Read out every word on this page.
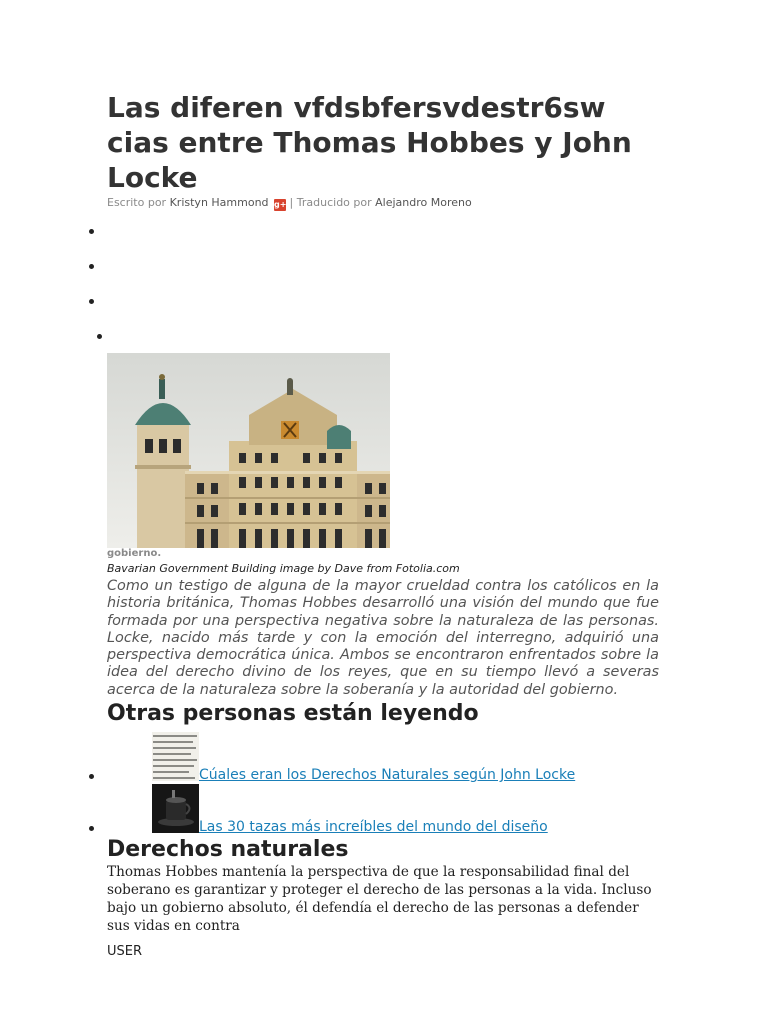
Las diferen vfdsbfersvdestr6sw cias entre Thomas Hobbes y John Locke
Escrito por Kristyn Hammond g+ | Traducido por Alejandro Moreno
gobierno.
Bavarian Government Building image by Dave from Fotolia.com

Como un testigo de alguna de la mayor crueldad contra los católicos en la historia británica, Thomas Hobbes desarrolló una visión del mundo que fue formada por una perspectiva negativa sobre la naturaleza de las personas. Locke, nacido más tarde y con la emoción del interregno, adquirió una perspectiva democrática única. Ambos se encontraron enfrentados sobre la idea del derecho divino de los reyes, que en su tiempo llevó a severas acerca de la naturaleza sobre la soberanía y la autoridad del gobierno.

Otras personas están leyendo
Cúales eran los Derechos Naturales según John Locke
Las 30 tazas más increíbles del mundo del diseño
Derechos naturales

Thomas Hobbes mantenía la perspectiva de que la responsabilidad final del soberano es garantizar y proteger el derecho de las personas a la vida. Incluso bajo un gobierno absoluto, él defendía el derecho de las personas a defender sus vidas en contra

USER
